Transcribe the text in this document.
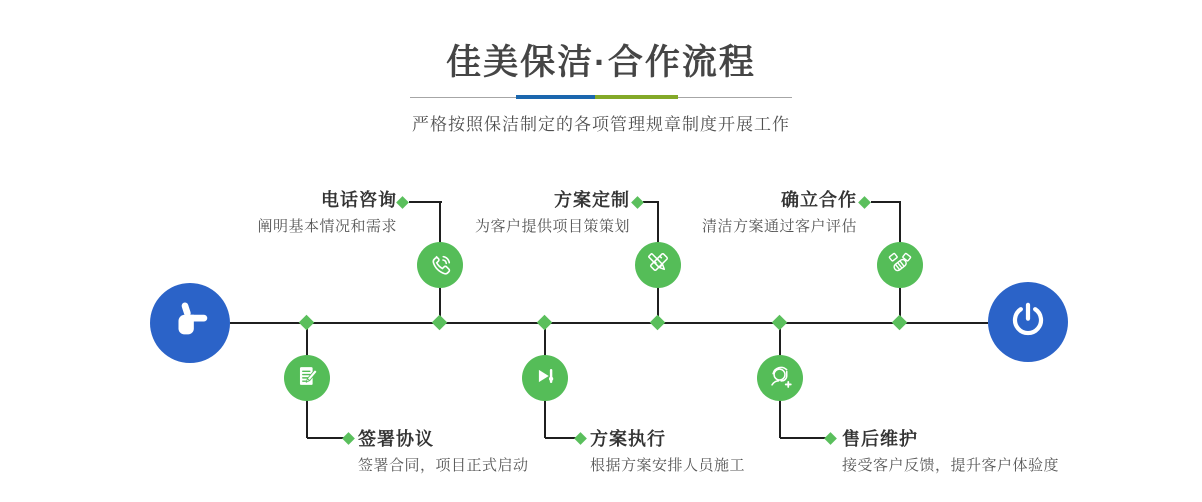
佳美保洁·合作流程
严格按照保洁制定的各项管理规章制度开展工作
电话咨询
阐明基本情况和需求
方案定制
为客户提供项目策策划
确立合作
清洁方案通过客户评估
签署协议
签署合同，项目正式启动
方案执行
根据方案安排人员施工
售后维护
接受客户反馈，提升客户体验度
